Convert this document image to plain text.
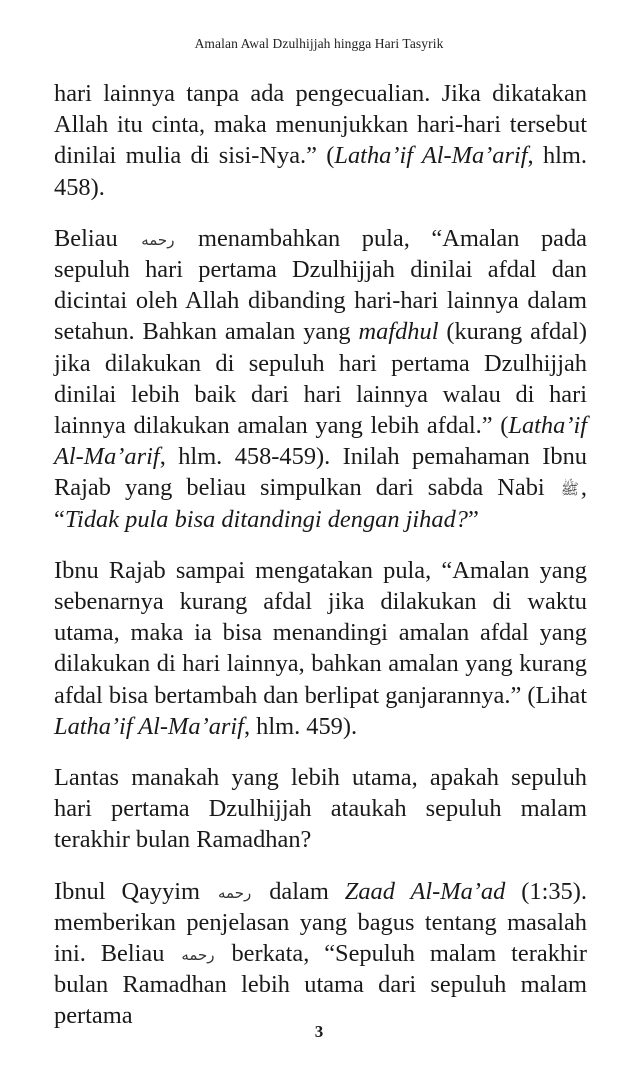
Amalan Awal Dzulhijjah hingga Hari Tasyrik

hari lainnya tanpa ada pengecualian. Jika dikatakan Allah itu cinta, maka menunjukkan hari-hari tersebut dinilai mulia di sisi-Nya.” (Latha’if Al-Ma’arif, hlm. 458).

Beliau ﺭﺣﻤﻪ menambahkan pula, “Amalan pada sepuluh hari pertama Dzulhijjah dinilai afdal dan dicintai oleh Allah dibanding hari-hari lainnya dalam setahun. Bahkan amalan yang mafdhul (kurang afdal) jika dilakukan di sepuluh hari pertama Dzulhijjah dinilai lebih baik dari hari lainnya walau di hari lainnya dilakukan amalan yang lebih afdal.” (Latha’if Al-Ma’arif, hlm. 458-459). Inilah pemahaman Ibnu Rajab yang beliau simpulkan dari sabda Nabi ﷺ, “Tidak pula bisa ditandingi dengan jihad?”

Ibnu Rajab sampai mengatakan pula, “Amalan yang sebenarnya kurang afdal jika dilakukan di waktu utama, maka ia bisa menandingi amalan afdal yang dilakukan di hari lainnya, bahkan amalan yang kurang afdal bisa bertambah dan berlipat ganjarannya.” (Lihat Latha’if Al-Ma’arif, hlm. 459).

Lantas manakah yang lebih utama, apakah sepuluh hari pertama Dzulhijjah ataukah sepuluh malam terakhir bulan Ramadhan?

Ibnul Qayyim ﺭﺣﻤﻪ dalam Zaad Al-Ma’ad (1:35). memberikan penjelasan yang bagus tentang masalah ini. Beliau ﺭﺣﻤﻪ berkata, “Sepuluh malam terakhir bulan Ramadhan lebih utama dari sepuluh malam pertama

3
